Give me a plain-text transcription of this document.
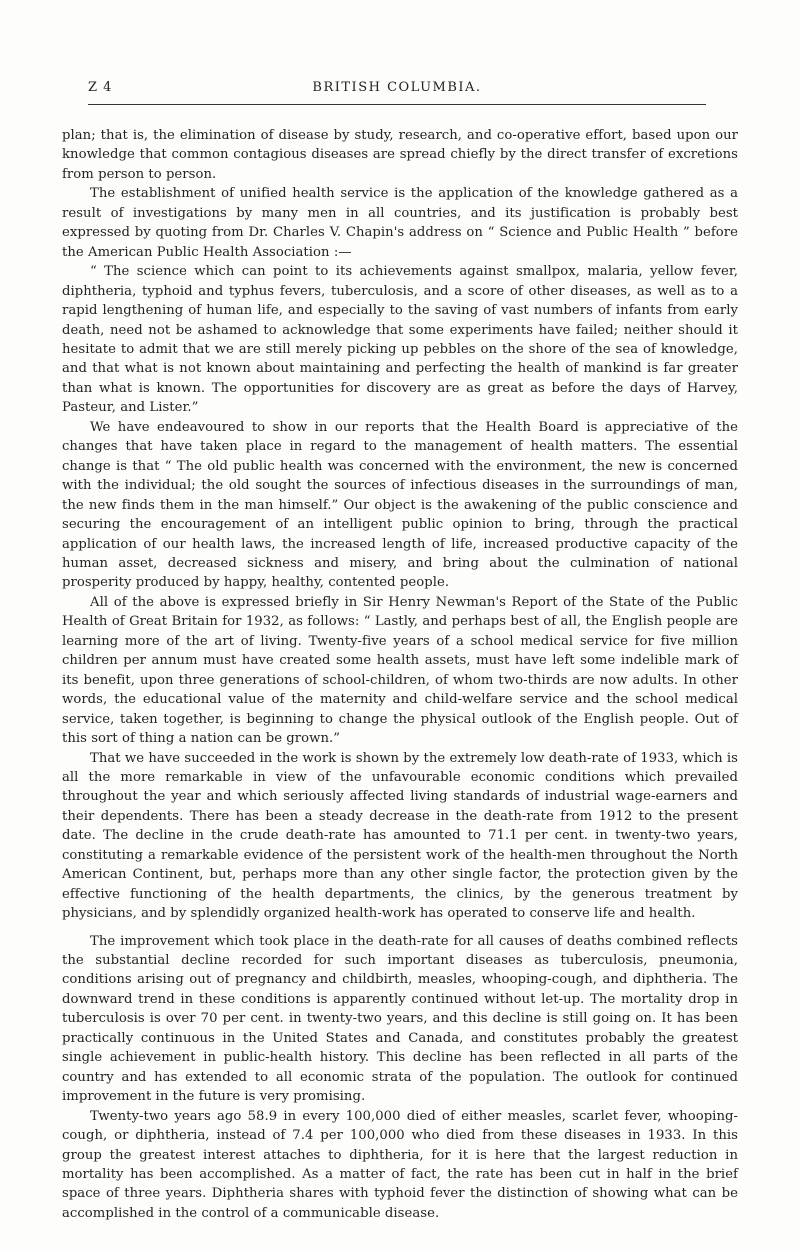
Z 4	BRITISH COLUMBIA.

plan; that is, the elimination of disease by study, research, and co-operative effort, based upon our knowledge that common contagious diseases are spread chiefly by the direct transfer of excretions from person to person.

The establishment of unified health service is the application of the knowledge gathered as a result of investigations by many men in all countries, and its justification is probably best expressed by quoting from Dr. Charles V. Chapin's address on “ Science and Public Health ” before the American Public Health Association :—

“ The science which can point to its achievements against smallpox, malaria, yellow fever, diphtheria, typhoid and typhus fevers, tuberculosis, and a score of other diseases, as well as to a rapid lengthening of human life, and especially to the saving of vast numbers of infants from early death, need not be ashamed to acknowledge that some experiments have failed; neither should it hesitate to admit that we are still merely picking up pebbles on the shore of the sea of knowledge, and that what is not known about maintaining and perfecting the health of mankind is far greater than what is known. The opportunities for discovery are as great as before the days of Harvey, Pasteur, and Lister.”

We have endeavoured to show in our reports that the Health Board is appreciative of the changes that have taken place in regard to the management of health matters. The essential change is that “ The old public health was concerned with the environment, the new is concerned with the individual; the old sought the sources of infectious diseases in the surroundings of man, the new finds them in the man himself.” Our object is the awakening of the public conscience and securing the encouragement of an intelligent public opinion to bring, through the practical application of our health laws, the increased length of life, increased productive capacity of the human asset, decreased sickness and misery, and bring about the culmination of national prosperity produced by happy, healthy, contented people.

All of the above is expressed briefly in Sir Henry Newman's Report of the State of the Public Health of Great Britain for 1932, as follows: “ Lastly, and perhaps best of all, the English people are learning more of the art of living. Twenty-five years of a school medical service for five million children per annum must have created some health assets, must have left some indelible mark of its benefit, upon three generations of school-children, of whom two-thirds are now adults. In other words, the educational value of the maternity and child-welfare service and the school medical service, taken together, is beginning to change the physical outlook of the English people. Out of this sort of thing a nation can be grown.”

That we have succeeded in the work is shown by the extremely low death-rate of 1933, which is all the more remarkable in view of the unfavourable economic conditions which prevailed throughout the year and which seriously affected living standards of industrial wage-earners and their dependents. There has been a steady decrease in the death-rate from 1912 to the present date. The decline in the crude death-rate has amounted to 71.1 per cent. in twenty-two years, constituting a remarkable evidence of the persistent work of the health-men throughout the North American Continent, but, perhaps more than any other single factor, the protection given by the effective functioning of the health departments, the clinics, by the generous treatment by physicians, and by splendidly organized health-work has operated to conserve life and health.

The improvement which took place in the death-rate for all causes of deaths combined reflects the substantial decline recorded for such important diseases as tuberculosis, pneumonia, conditions arising out of pregnancy and childbirth, measles, whooping-cough, and diphtheria. The downward trend in these conditions is apparently continued without let-up. The mortality drop in tuberculosis is over 70 per cent. in twenty-two years, and this decline is still going on. It has been practically continuous in the United States and Canada, and constitutes probably the greatest single achievement in public-health history. This decline has been reflected in all parts of the country and has extended to all economic strata of the population. The outlook for continued improvement in the future is very promising.

Twenty-two years ago 58.9 in every 100,000 died of either measles, scarlet fever, whooping-cough, or diphtheria, instead of 7.4 per 100,000 who died from these diseases in 1933. In this group the greatest interest attaches to diphtheria, for it is here that the largest reduction in mortality has been accomplished. As a matter of fact, the rate has been cut in half in the brief space of three years. Diphtheria shares with typhoid fever the distinction of showing what can be accomplished in the control of a communicable disease.
